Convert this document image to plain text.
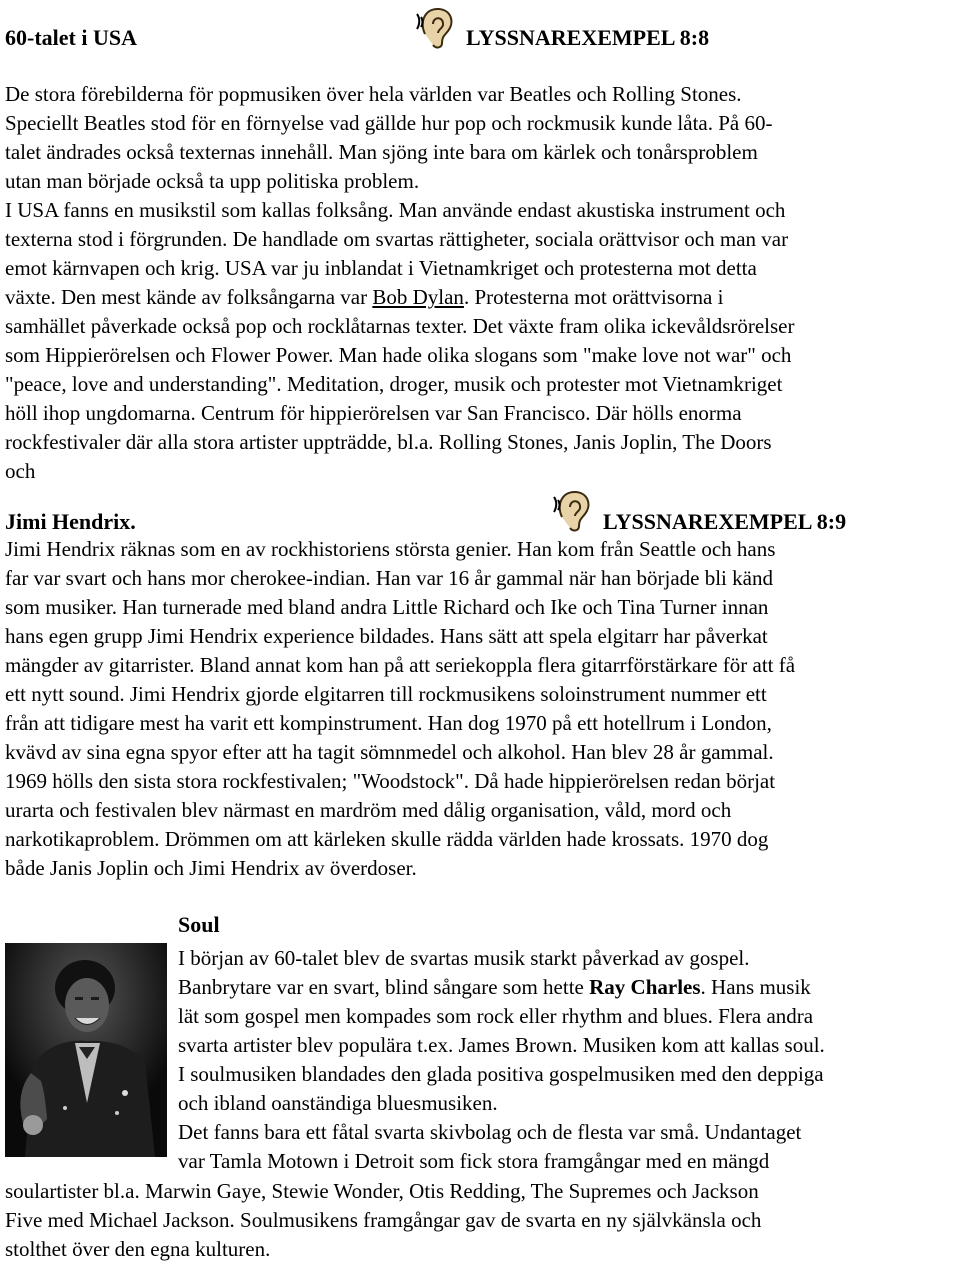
60-talet i USA	LYSSNAREXEMPEL 8:8
De stora förebilderna för popmusiken över hela världen var Beatles och Rolling Stones.
Speciellt Beatles stod för en förnyelse vad gällde hur pop och rockmusik kunde låta. På 60-
talet ändrades också texternas innehåll. Man sjöng inte bara om kärlek och tonårsproblem
utan man började också ta upp politiska problem.
I USA fanns en musikstil som kallas folksång. Man använde endast akustiska instrument och
texterna stod i förgrunden. De handlade om svartas rättigheter, sociala orättvisor och man var
emot kärnvapen och krig. USA var ju inblandat i Vietnamkriget och protesterna mot detta
växte. Den mest kände av folksångarna var Bob Dylan. Protesterna mot orättvisorna i
samhället påverkade också pop och rocklåtarnas texter. Det växte fram olika ickevåldsrörelser
som Hippierörelsen och Flower Power. Man hade olika slogans som "make love not war" och
"peace, love and understanding". Meditation, droger, musik och protester mot Vietnamkriget
höll ihop ungdomarna. Centrum för hippierörelsen var San Francisco. Där hölls enorma
rockfestivaler där alla stora artister uppträdde, bl.a. Rolling Stones, Janis Joplin, The Doors
och
Jimi Hendrix.	LYSSNAREXEMPEL 8:9
Jimi Hendrix räknas som en av rockhistoriens största genier. Han kom från Seattle och hans
far var svart och hans mor cherokee-indian. Han var 16 år gammal när han började bli känd
som musiker. Han turnerade med bland andra Little Richard och Ike och Tina Turner innan
hans egen grupp Jimi Hendrix experience bildades. Hans sätt att spela elgitarr har påverkat
mängder av gitarrister. Bland annat kom han på att seriekoppla flera gitarrförstärkare för att få
ett nytt sound. Jimi Hendrix gjorde elgitarren till rockmusikens soloinstrument nummer ett
från att tidigare mest ha varit ett kompinstrument. Han dog 1970 på ett hotellrum i London,
kvävd av sina egna spyor efter att ha tagit sömnmedel och alkohol. Han blev 28 år gammal.
1969 hölls den sista stora rockfestivalen; "Woodstock". Då hade hippierörelsen redan börjat
urarta och festivalen blev närmast en mardröm med dålig organisation, våld, mord och
narkotikaproblem. Drömmen om att kärleken skulle rädda världen hade krossats. 1970 dog
både Janis Joplin och Jimi Hendrix av överdoser.
Soul
I början av 60-talet blev de svartas musik starkt påverkad av gospel.
Banbrytare var en svart, blind sångare som hette Ray Charles. Hans musik
lät som gospel men kompades som rock eller rhythm and blues. Flera andra
svarta artister blev populära t.ex. James Brown. Musiken kom att kallas soul.
I soulmusiken blandades den glada positiva gospelmusiken med den deppiga
och ibland oanständiga bluesmusiken.
Det fanns bara ett fåtal svarta skivbolag och de flesta var små. Undantaget
var Tamla Motown i Detroit som fick stora framgångar med en mängd
soulartister bl.a. Marwin Gaye, Stewie Wonder, Otis Redding, The Supremes och Jackson
Five med Michael Jackson. Soulmusikens framgångar gav de svarta en ny självkänsla och
stolthet över den egna kulturen.
